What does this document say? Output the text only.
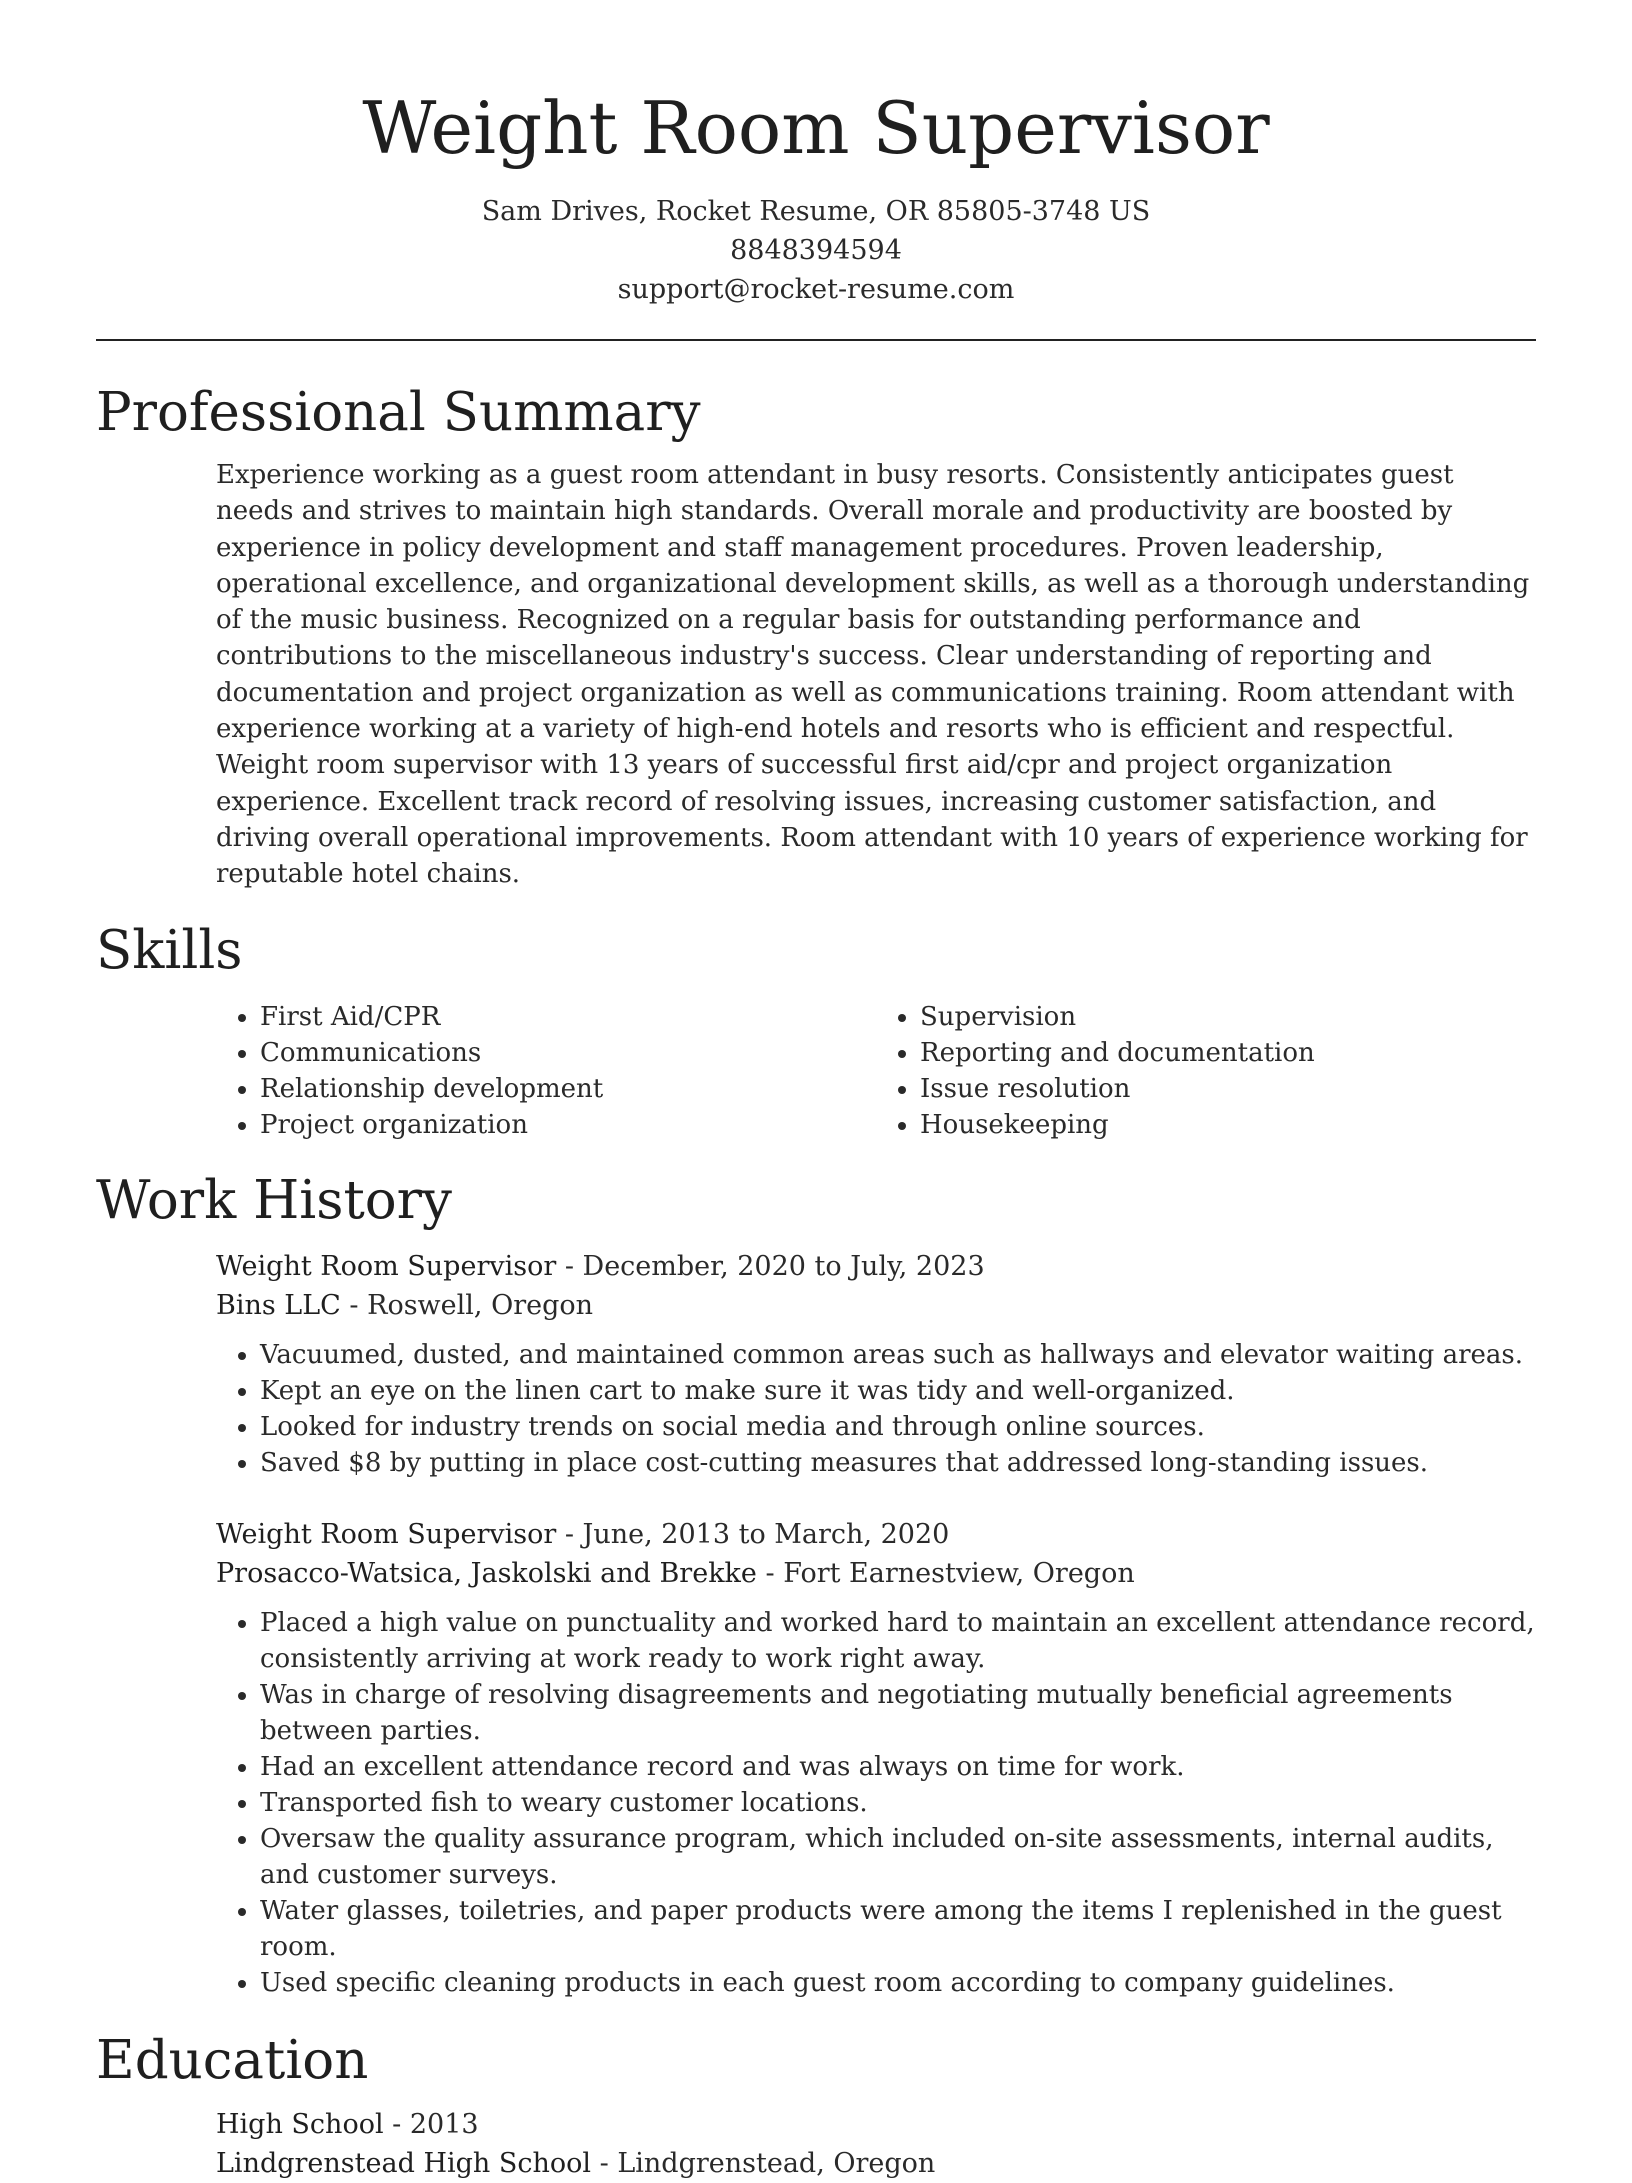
Weight Room Supervisor
Sam Drives, Rocket Resume, OR 85805-3748 US
8848394594
support@rocket-resume.com
Professional Summary
Experience working as a guest room attendant in busy resorts. Consistently anticipates guest needs and strives to maintain high standards. Overall morale and productivity are boosted by experience in policy development and staff management procedures. Proven leadership, operational excellence, and organizational development skills, as well as a thorough understanding of the music business. Recognized on a regular basis for outstanding performance and contributions to the miscellaneous industry's success. Clear understanding of reporting and documentation and project organization as well as communications training. Room attendant with experience working at a variety of high-end hotels and resorts who is efficient and respectful. Weight room supervisor with 13 years of successful first aid/cpr and project organization experience. Excellent track record of resolving issues, increasing customer satisfaction, and driving overall operational improvements. Room attendant with 10 years of experience working for reputable hotel chains.
Skills
• First Aid/CPR
• Communications
• Relationship development
• Project organization
• Supervision
• Reporting and documentation
• Issue resolution
• Housekeeping
Work History
Weight Room Supervisor - December, 2020 to July, 2023
Bins LLC - Roswell, Oregon
• Vacuumed, dusted, and maintained common areas such as hallways and elevator waiting areas.
• Kept an eye on the linen cart to make sure it was tidy and well-organized.
• Looked for industry trends on social media and through online sources.
• Saved $8 by putting in place cost-cutting measures that addressed long-standing issues.
Weight Room Supervisor - June, 2013 to March, 2020
Prosacco-Watsica, Jaskolski and Brekke - Fort Earnestview, Oregon
• Placed a high value on punctuality and worked hard to maintain an excellent attendance record, consistently arriving at work ready to work right away.
• Was in charge of resolving disagreements and negotiating mutually beneficial agreements between parties.
• Had an excellent attendance record and was always on time for work.
• Transported fish to weary customer locations.
• Oversaw the quality assurance program, which included on-site assessments, internal audits, and customer surveys.
• Water glasses, toiletries, and paper products were among the items I replenished in the guest room.
• Used specific cleaning products in each guest room according to company guidelines.
Education
High School - 2013
Lindgrenstead High School - Lindgrenstead, Oregon
